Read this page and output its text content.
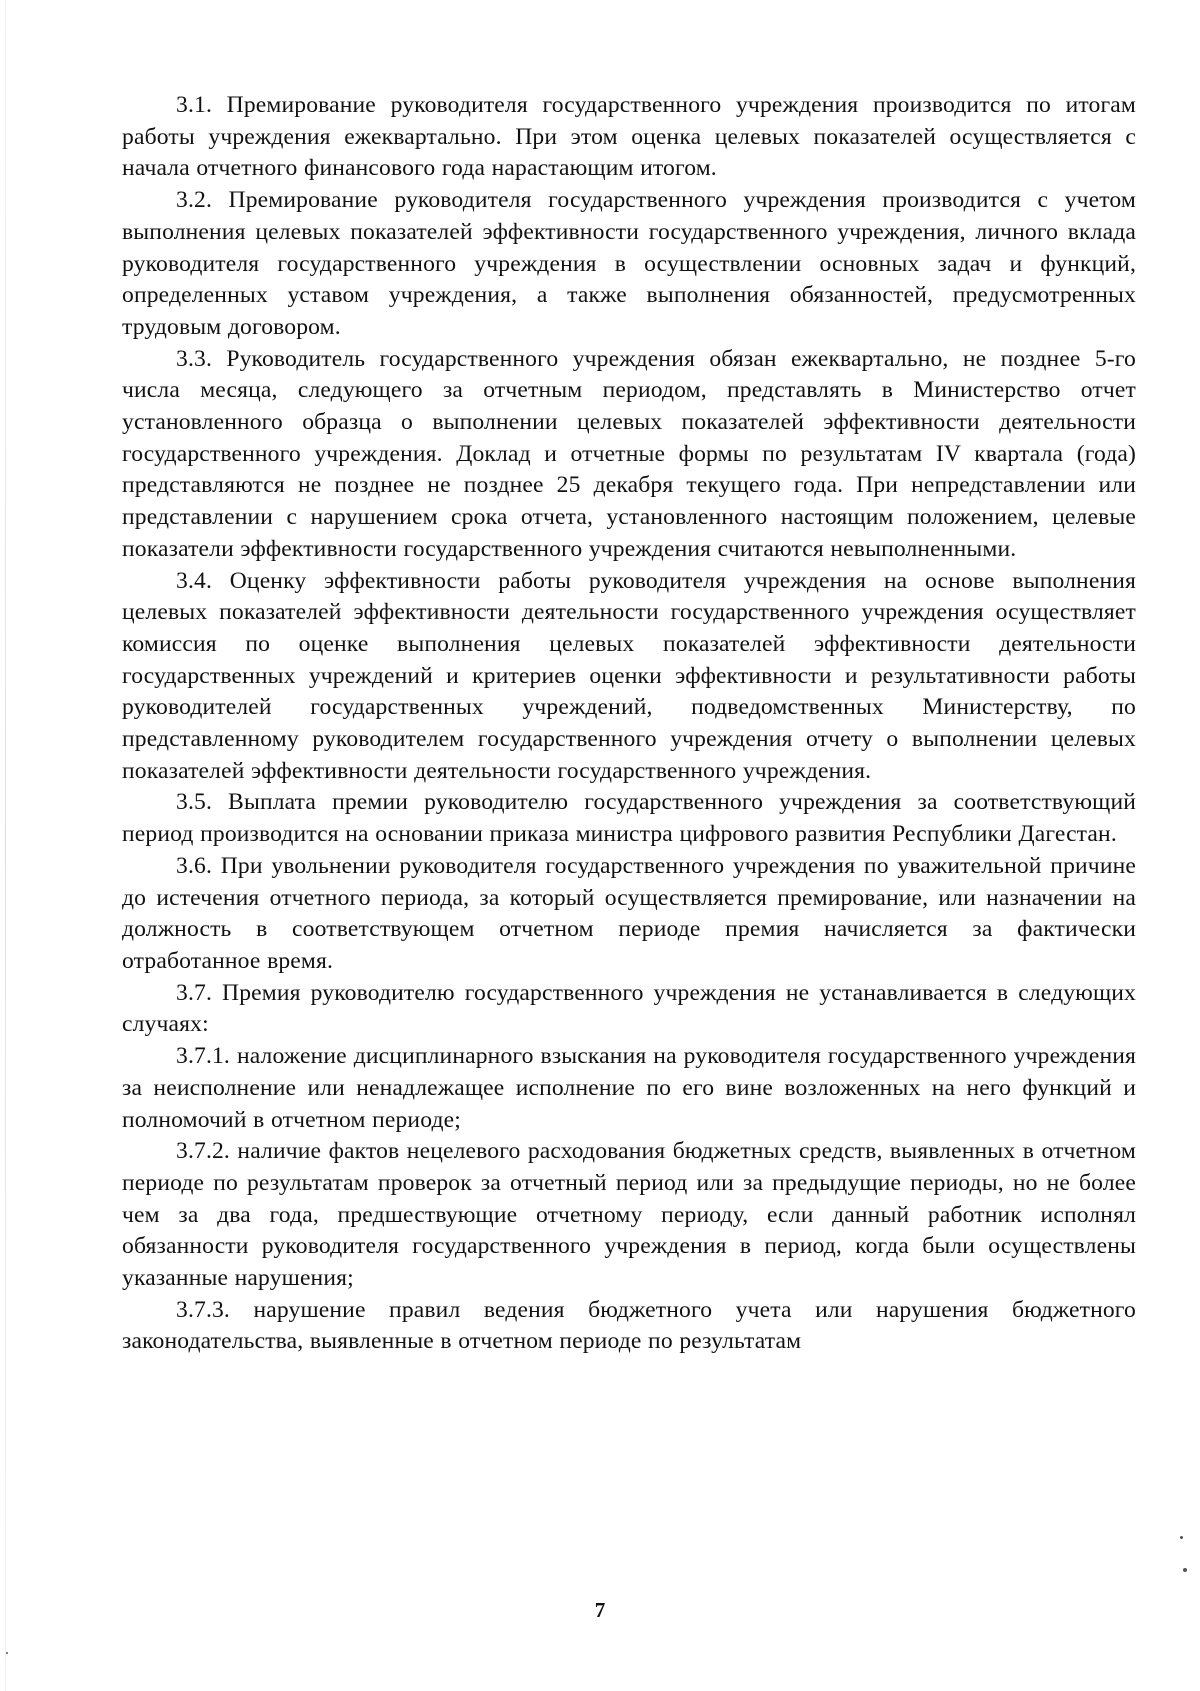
3.1. Премирование руководителя государственного учреждения производится по итогам работы учреждения ежеквартально. При этом оценка целевых показателей осуществляется с начала отчетного финансового года нарастающим итогом.

3.2. Премирование руководителя государственного учреждения производится с учетом выполнения целевых показателей эффективности государственного учреждения, личного вклада руководителя государственного учреждения в осуществлении основных задач и функций, определенных уставом учреждения, а также выполнения обязанностей, предусмотренных трудовым договором.

3.3. Руководитель государственного учреждения обязан ежеквартально, не позднее 5-го числа месяца, следующего за отчетным периодом, представлять в Министерство отчет установленного образца о выполнении целевых показателей эффективности деятельности государственного учреждения. Доклад и отчетные формы по результатам IV квартала (года) представляются не позднее не позднее 25 декабря текущего года. При непредставлении или представлении с нарушением срока отчета, установленного настоящим положением, целевые показатели эффективности государственного учреждения считаются невыполненными.

3.4. Оценку эффективности работы руководителя учреждения на основе выполнения целевых показателей эффективности деятельности государственного учреждения осуществляет комиссия по оценке выполнения целевых показателей эффективности деятельности государственных учреждений и критериев оценки эффективности и результативности работы руководителей государственных учреждений, подведомственных Министерству, по представленному руководителем государственного учреждения отчету о выполнении целевых показателей эффективности деятельности государственного учреждения.

3.5. Выплата премии руководителю государственного учреждения за соответствующий период производится на основании приказа министра цифрового развития Республики Дагестан.

3.6. При увольнении руководителя государственного учреждения по уважительной причине до истечения отчетного периода, за который осуществляется премирование, или назначении на должность в соответствующем отчетном периоде премия начисляется за фактически отработанное время.

3.7. Премия руководителю государственного учреждения не устанавливается в следующих случаях:

3.7.1. наложение дисциплинарного взыскания на руководителя государственного учреждения за неисполнение или ненадлежащее исполнение по его вине возложенных на него функций и полномочий в отчетном периоде;

3.7.2. наличие фактов нецелевого расходования бюджетных средств, выявленных в отчетном периоде по результатам проверок за отчетный период или за предыдущие периоды, но не более чем за два года, предшествующие отчетному периоду, если данный работник исполнял обязанности руководителя государственного учреждения в период, когда были осуществлены указанные нарушения;

3.7.3. нарушение правил ведения бюджетного учета или нарушения бюджетного законодательства, выявленные в отчетном периоде по результатам

7
